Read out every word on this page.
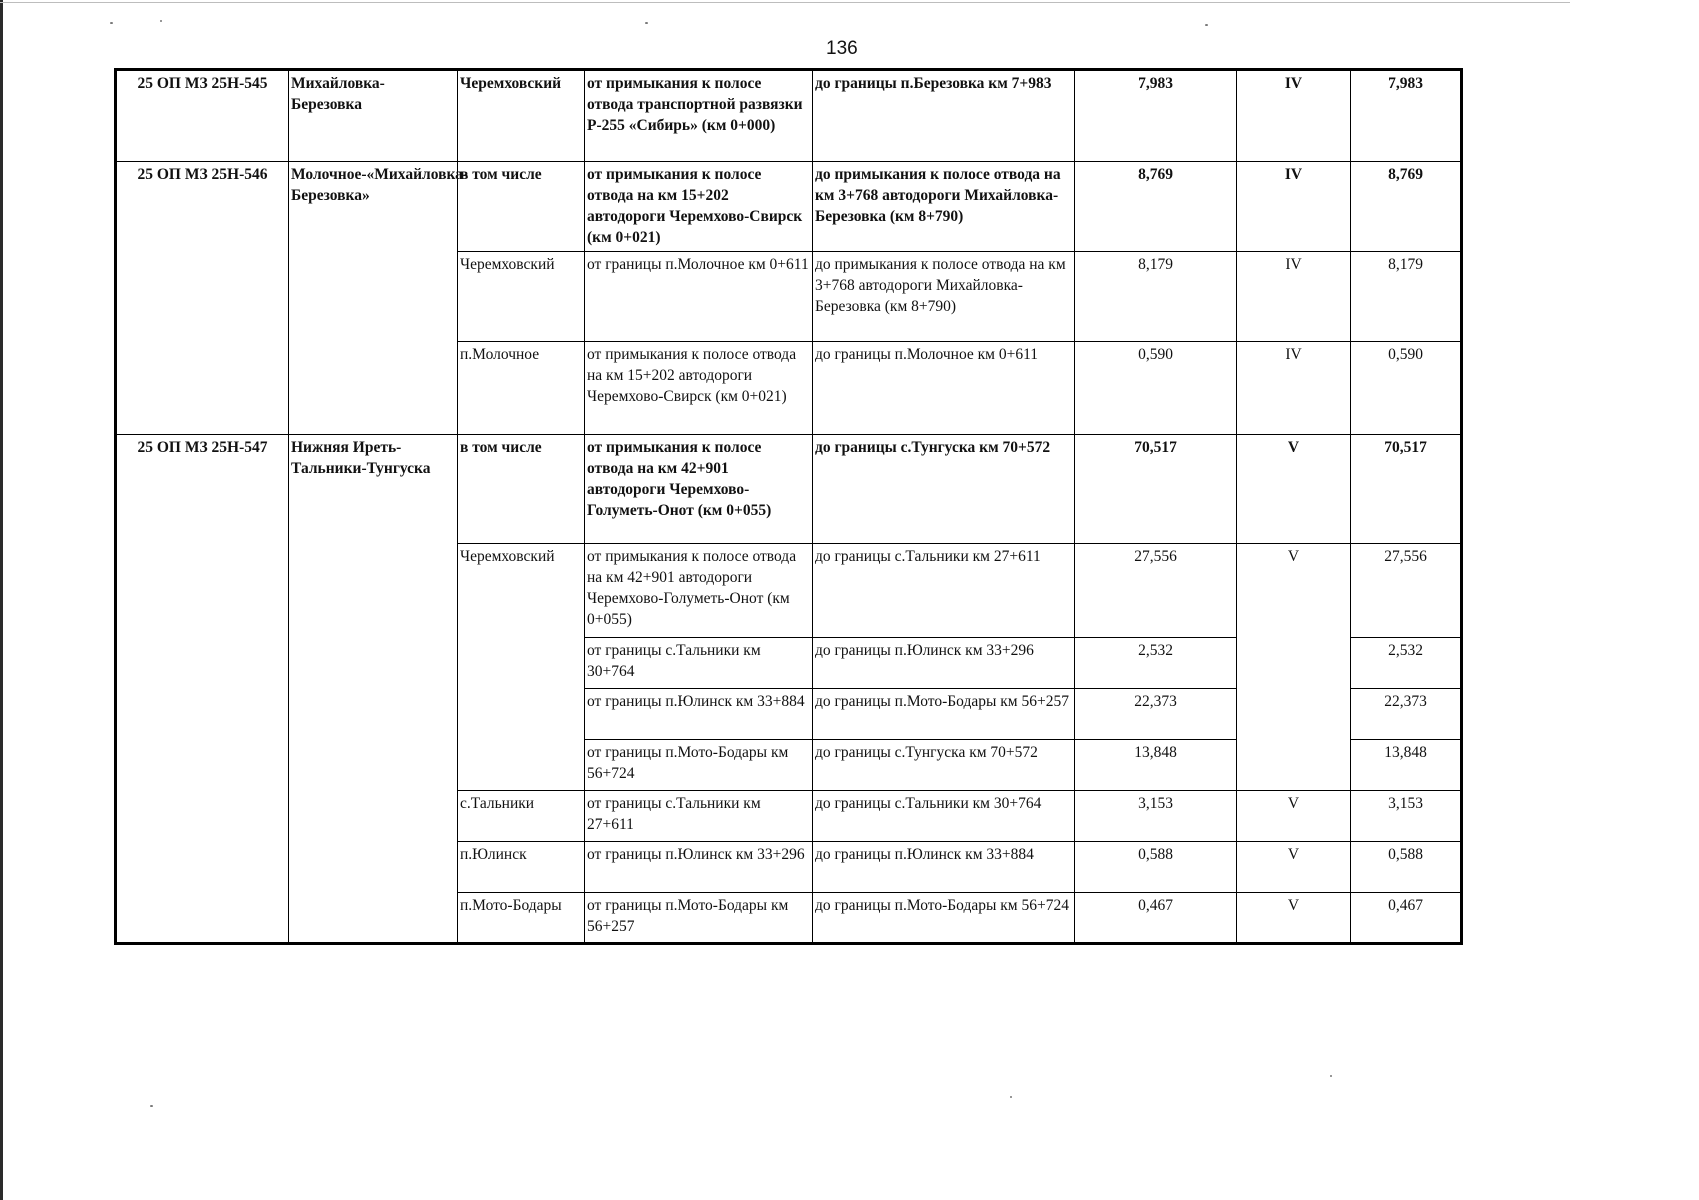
136
25 ОП МЗ 25Н-545	Михайловка-Березовка	Черемховский	от примыкания к полосе отвода транспортной развязки Р-255 «Сибирь» (км 0+000)	до границы п.Березовка км 7+983	7,983	IV	7,983
25 ОП МЗ 25Н-546	Молочное-«Михайловка-Березовка»	в том числе	от примыкания к полосе отвода на км 15+202 автодороги Черемхово-Свирск (км 0+021)	до примыкания к полосе отвода на км 3+768 автодороги Михайловка-Березовка (км 8+790)	8,769	IV	8,769
		Черемховский	от границы п.Молочное км 0+611	до примыкания к полосе отвода на км 3+768 автодороги Михайловка-Березовка (км 8+790)	8,179	IV	8,179
		п.Молочное	от примыкания к полосе отвода на км 15+202 автодороги Черемхово-Свирск (км 0+021)	до границы п.Молочное км 0+611	0,590	IV	0,590
25 ОП МЗ 25Н-547	Нижняя Иреть-Тальники-Тунгуска	в том числе	от примыкания к полосе отвода на км 42+901 автодороги Черемхово-Голуметь-Онот (км 0+055)	до границы с.Тунгуска км 70+572	70,517	V	70,517
		Черемховский	от примыкания к полосе отвода на км 42+901 автодороги Черемхово-Голуметь-Онот (км 0+055)	до границы с.Тальники км 27+611	27,556	V	27,556
			от границы с.Тальники км 30+764	до границы п.Юлинск км 33+296	2,532		2,532
			от границы п.Юлинск км 33+884	до границы п.Мото-Бодары км 56+257	22,373		22,373
			от границы п.Мото-Бодары км 56+724	до границы с.Тунгуска км 70+572	13,848		13,848
		с.Тальники	от границы с.Тальники км 27+611	до границы с.Тальники км 30+764	3,153	V	3,153
		п.Юлинск	от границы п.Юлинск км 33+296	до границы п.Юлинск км 33+884	0,588	V	0,588
		п.Мото-Бодары	от границы п.Мото-Бодары км 56+257	до границы п.Мото-Бодары км 56+724	0,467	V	0,467
